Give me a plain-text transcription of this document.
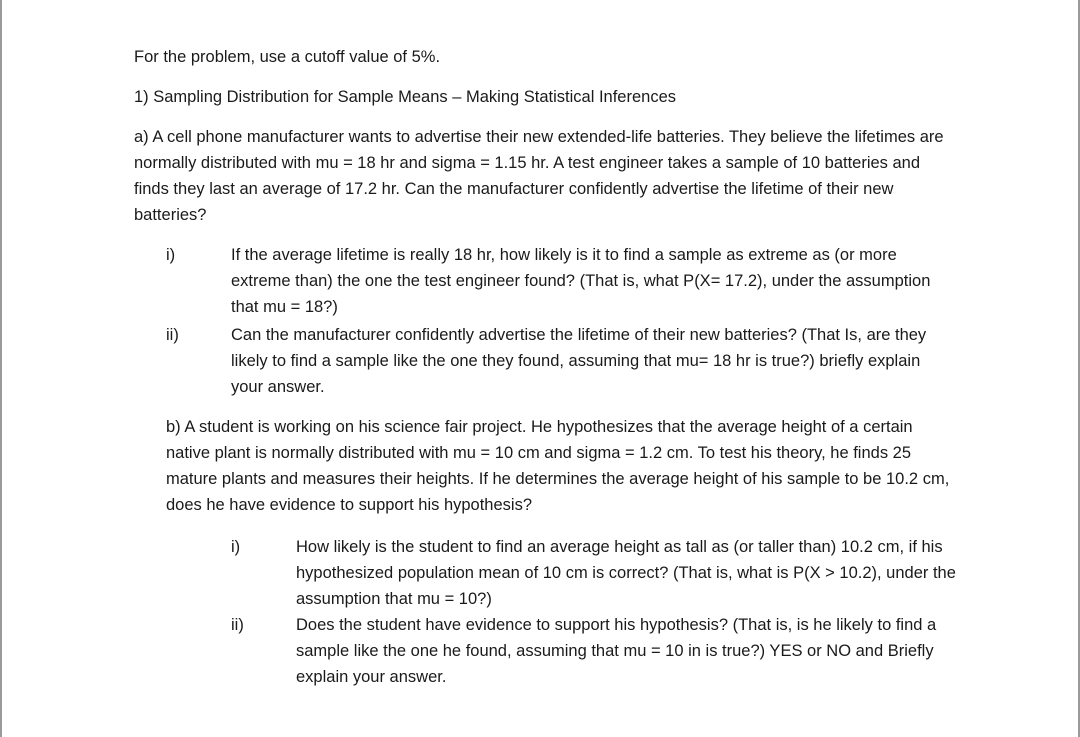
For the problem, use a cutoff value of 5%.

1) Sampling Distribution for Sample Means – Making Statistical Inferences

a) A cell phone manufacturer wants to advertise their new extended-life batteries. They believe the lifetimes are normally distributed with mu = 18 hr and sigma = 1.15 hr. A test engineer takes a sample of 10 batteries and finds they last an average of 17.2 hr. Can the manufacturer confidently advertise the lifetime of their new batteries?

i)	If the average lifetime is really 18 hr, how likely is it to find a sample as extreme as (or more extreme than) the one the test engineer found? (That is, what P(X= 17.2), under the assumption that mu = 18?)
ii)	Can the manufacturer confidently advertise the lifetime of their new batteries? (That Is, are they likely to find a sample like the one they found, assuming that mu= 18 hr is true?) briefly explain your answer.

b) A student is working on his science fair project. He hypothesizes that the average height of a certain native plant is normally distributed with mu = 10 cm and sigma = 1.2 cm. To test his theory, he finds 25 mature plants and measures their heights. If he determines the average height of his sample to be 10.2 cm, does he have evidence to support his hypothesis?

i)	How likely is the student to find an average height as tall as (or taller than) 10.2 cm, if his hypothesized population mean of 10 cm is correct? (That is, what is P(X > 10.2), under the assumption that mu = 10?)
ii)	Does the student have evidence to support his hypothesis? (That is, is he likely to find a sample like the one he found, assuming that mu = 10 in is true?) YES or NO and Briefly explain your answer.
